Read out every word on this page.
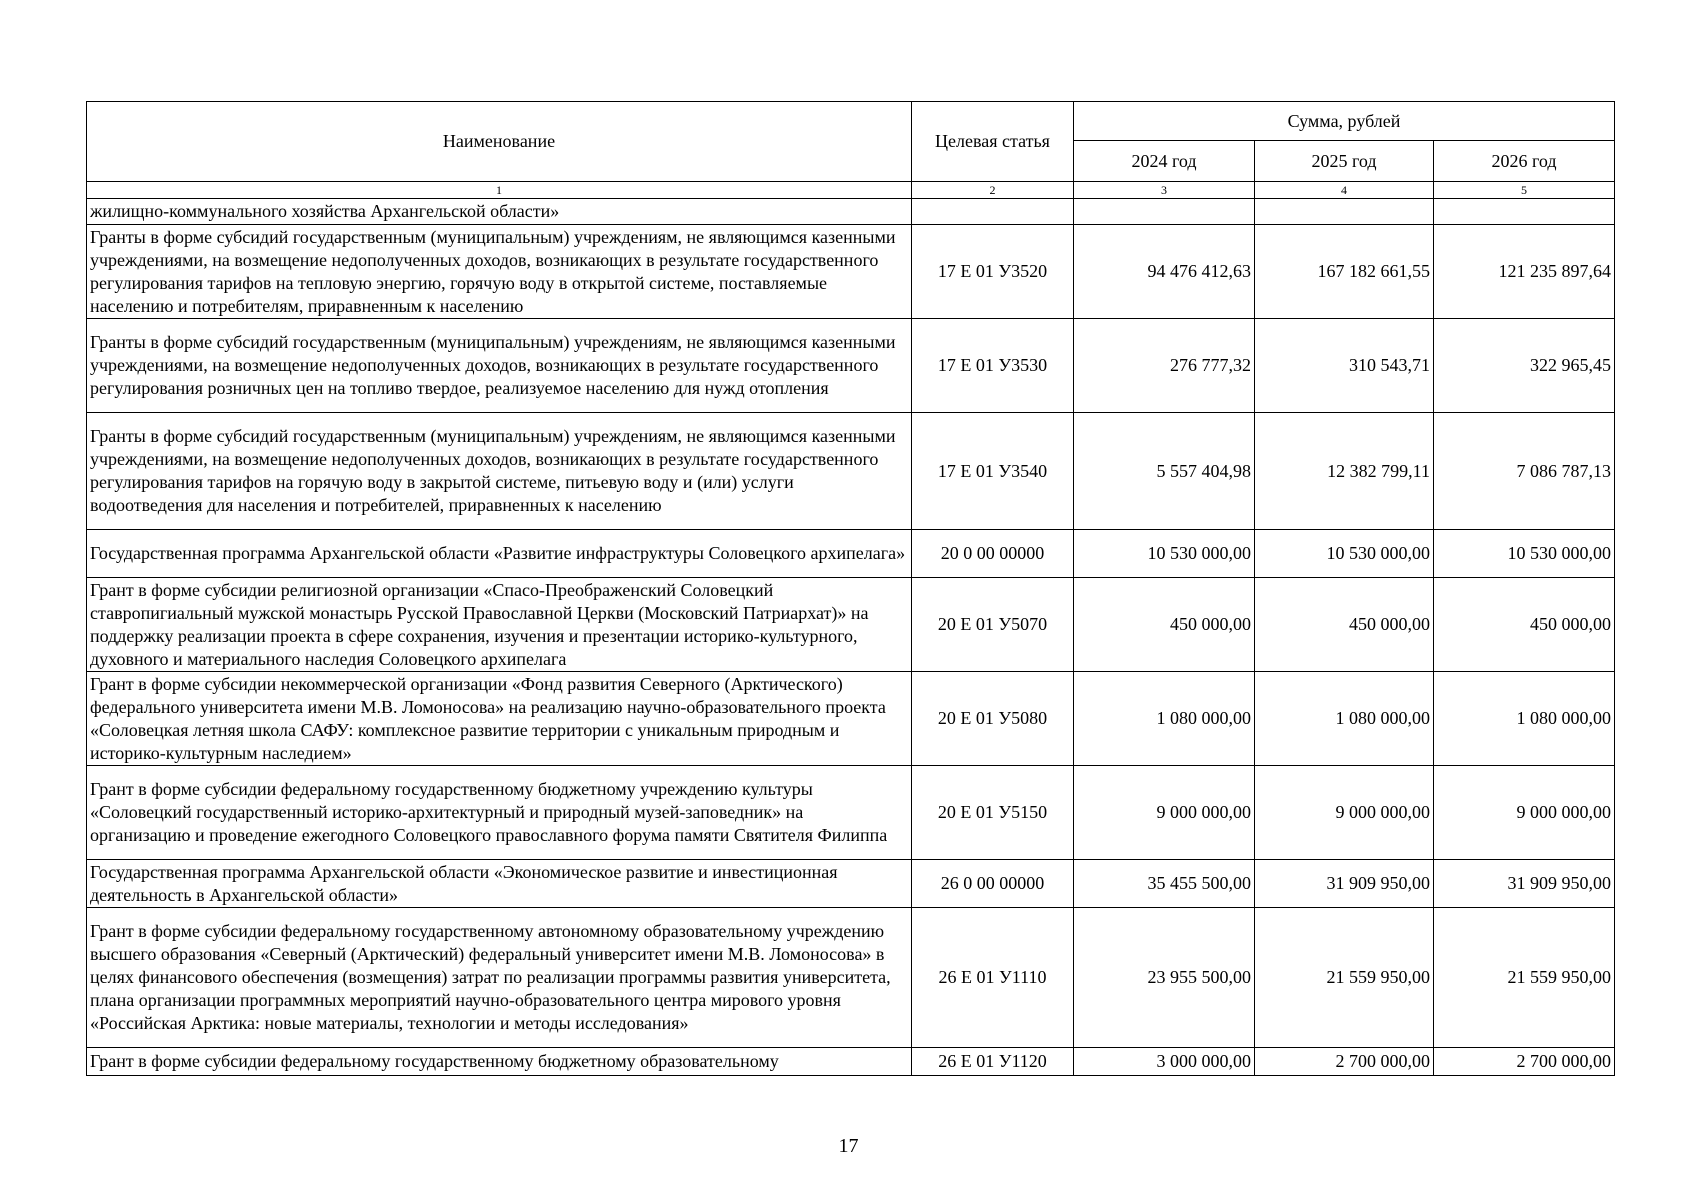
Наименование	Целевая статья	Сумма, рублей		
		2024 год	2025 год	2026 год
1	2	3	4	5
жилищно-коммунального хозяйства Архангельской области»				
Гранты в форме субсидий государственным (муниципальным) учреждениям, не являющимся казенными учреждениями, на возмещение недополученных доходов, возникающих в результате государственного регулирования тарифов на тепловую энергию, горячую воду в открытой системе, поставляемые населению и потребителям, приравненным к населению	17 Е 01 У3520	94 476 412,63	167 182 661,55	121 235 897,64
Гранты в форме субсидий государственным (муниципальным) учреждениям, не являющимся казенными учреждениями, на возмещение недополученных доходов, возникающих в результате государственного регулирования розничных цен на топливо твердое, реализуемое населению для нужд отопления	17 Е 01 У3530	276 777,32	310 543,71	322 965,45
Гранты в форме субсидий государственным (муниципальным) учреждениям, не являющимся казенными учреждениями, на возмещение недополученных доходов, возникающих в результате государственного регулирования тарифов на горячую воду в закрытой системе, питьевую воду и (или) услуги водоотведения для населения и потребителей, приравненных к населению	17 Е 01 У3540	5 557 404,98	12 382 799,11	7 086 787,13
Государственная программа Архангельской области «Развитие инфраструктуры Соловецкого архипелага»	20 0 00 00000	10 530 000,00	10 530 000,00	10 530 000,00
Грант в форме субсидии религиозной организации «Спасо-Преображенский Соловецкий ставропигиальный мужской монастырь Русской Православной Церкви (Московский Патриархат)» на поддержку реализации проекта в сфере сохранения, изучения и презентации историко-культурного, духовного и материального наследия Соловецкого архипелага	20 Е 01 У5070	450 000,00	450 000,00	450 000,00
Грант в форме субсидии некоммерческой организации «Фонд развития Северного (Арктического) федерального университета имени М.В. Ломоносова» на реализацию научно-образовательного проекта «Соловецкая летняя школа САФУ: комплексное развитие территории с уникальным природным и историко-культурным наследием»	20 Е 01 У5080	1 080 000,00	1 080 000,00	1 080 000,00
Грант в форме субсидии федеральному государственному бюджетному учреждению культуры «Соловецкий государственный историко-архитектурный и природный музей-заповедник» на организацию и проведение ежегодного Соловецкого православного форума памяти Святителя Филиппа	20 Е 01 У5150	9 000 000,00	9 000 000,00	9 000 000,00
Государственная программа Архангельской области «Экономическое развитие и инвестиционная деятельность в Архангельской области»	26 0 00 00000	35 455 500,00	31 909 950,00	31 909 950,00
Грант в форме субсидии федеральному государственному автономному образовательному учреждению высшего образования «Северный (Арктический) федеральный университет имени М.В. Ломоносова» в целях финансового обеспечения (возмещения) затрат по реализации программы развития университета, плана организации программных мероприятий научно-образовательного центра мирового уровня «Российская Арктика: новые материалы, технологии и методы исследования»	26 Е 01 У1110	23 955 500,00	21 559 950,00	21 559 950,00
Грант в форме субсидии федеральному государственному бюджетному образовательному	26 Е 01 У1120	3 000 000,00	2 700 000,00	2 700 000,00
17
